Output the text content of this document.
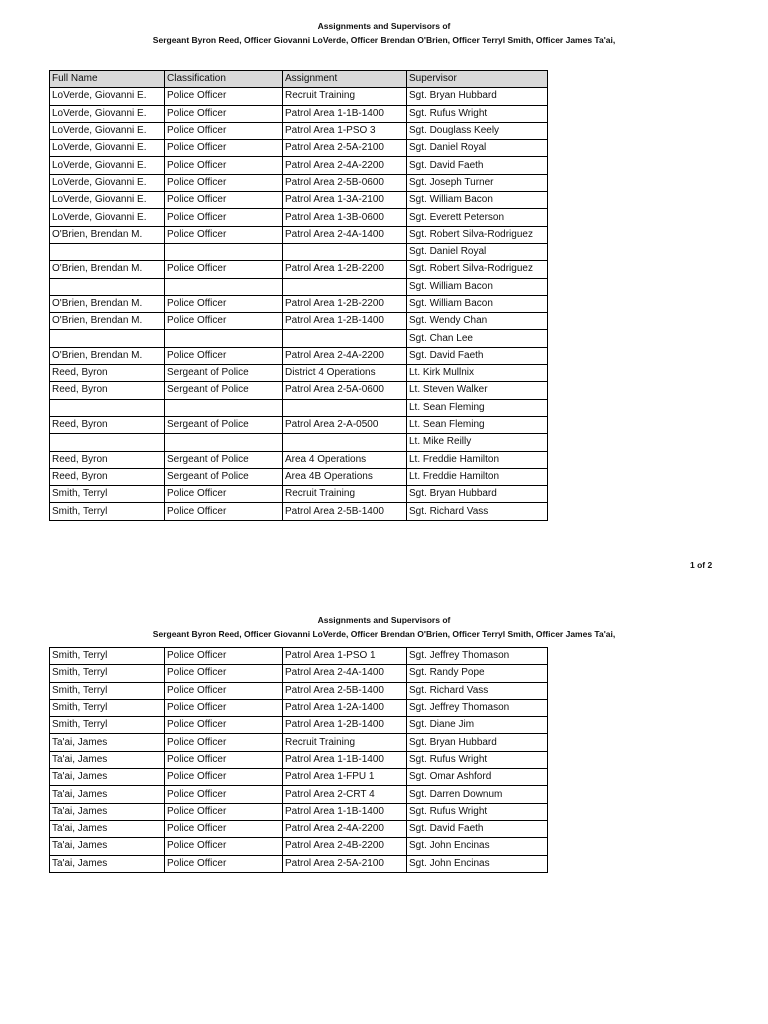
Assignments and Supervisors of
Sergeant Byron Reed, Officer Giovanni LoVerde, Officer Brendan O'Brien, Officer Terryl Smith, Officer James Ta'ai,
Full Name	Classification	Assignment	Supervisor
LoVerde, Giovanni E.	Police Officer	Recruit Training	Sgt. Bryan Hubbard
LoVerde, Giovanni E.	Police Officer	Patrol Area 1-1B-1400	Sgt. Rufus Wright
LoVerde, Giovanni E.	Police Officer	Patrol Area 1-PSO 3	Sgt. Douglass Keely
LoVerde, Giovanni E.	Police Officer	Patrol Area 2-5A-2100	Sgt. Daniel Royal
LoVerde, Giovanni E.	Police Officer	Patrol Area 2-4A-2200	Sgt. David Faeth
LoVerde, Giovanni E.	Police Officer	Patrol Area 2-5B-0600	Sgt. Joseph Turner
LoVerde, Giovanni E.	Police Officer	Patrol Area 1-3A-2100	Sgt. William Bacon
LoVerde, Giovanni E.	Police Officer	Patrol Area 1-3B-0600	Sgt. Everett Peterson
O'Brien, Brendan M.	Police Officer	Patrol Area 2-4A-1400	Sgt. Robert Silva-Rodriguez
			Sgt. Daniel Royal
O'Brien, Brendan M.	Police Officer	Patrol Area 1-2B-2200	Sgt. Robert Silva-Rodriguez
			Sgt. William Bacon
O'Brien, Brendan M.	Police Officer	Patrol Area 1-2B-2200	Sgt. William Bacon
O'Brien, Brendan M.	Police Officer	Patrol Area 1-2B-1400	Sgt. Wendy Chan
			Sgt. Chan Lee
O'Brien, Brendan M.	Police Officer	Patrol Area 2-4A-2200	Sgt. David Faeth
Reed, Byron	Sergeant of Police	District 4 Operations	Lt. Kirk Mullnix
Reed, Byron	Sergeant of Police	Patrol Area 2-5A-0600	Lt. Steven Walker
			Lt. Sean Fleming
Reed, Byron	Sergeant of Police	Patrol Area 2-A-0500	Lt. Sean Fleming
			Lt. Mike Reilly
Reed, Byron	Sergeant of Police	Area 4 Operations	Lt. Freddie Hamilton
Reed, Byron	Sergeant of Police	Area 4B Operations	Lt. Freddie Hamilton
Smith, Terryl	Police Officer	Recruit Training	Sgt. Bryan Hubbard
Smith, Terryl	Police Officer	Patrol Area 2-5B-1400	Sgt. Richard Vass
1 of 2
Assignments and Supervisors of
Sergeant Byron Reed, Officer Giovanni LoVerde, Officer Brendan O'Brien, Officer Terryl Smith, Officer James Ta'ai,
Smith, Terryl	Police Officer	Patrol Area 1-PSO 1	Sgt. Jeffrey Thomason
Smith, Terryl	Police Officer	Patrol Area 2-4A-1400	Sgt. Randy Pope
Smith, Terryl	Police Officer	Patrol Area 2-5B-1400	Sgt. Richard Vass
Smith, Terryl	Police Officer	Patrol Area 1-2A-1400	Sgt. Jeffrey Thomason
Smith, Terryl	Police Officer	Patrol Area 1-2B-1400	Sgt. Diane Jim
Ta'ai, James	Police Officer	Recruit Training	Sgt. Bryan Hubbard
Ta'ai, James	Police Officer	Patrol Area 1-1B-1400	Sgt. Rufus Wright
Ta'ai, James	Police Officer	Patrol Area 1-FPU 1	Sgt. Omar Ashford
Ta'ai, James	Police Officer	Patrol Area 2-CRT 4	Sgt. Darren Downum
Ta'ai, James	Police Officer	Patrol Area 1-1B-1400	Sgt. Rufus Wright
Ta'ai, James	Police Officer	Patrol Area 2-4A-2200	Sgt. David Faeth
Ta'ai, James	Police Officer	Patrol Area 2-4B-2200	Sgt. John Encinas
Ta'ai, James	Police Officer	Patrol Area 2-5A-2100	Sgt. John Encinas
